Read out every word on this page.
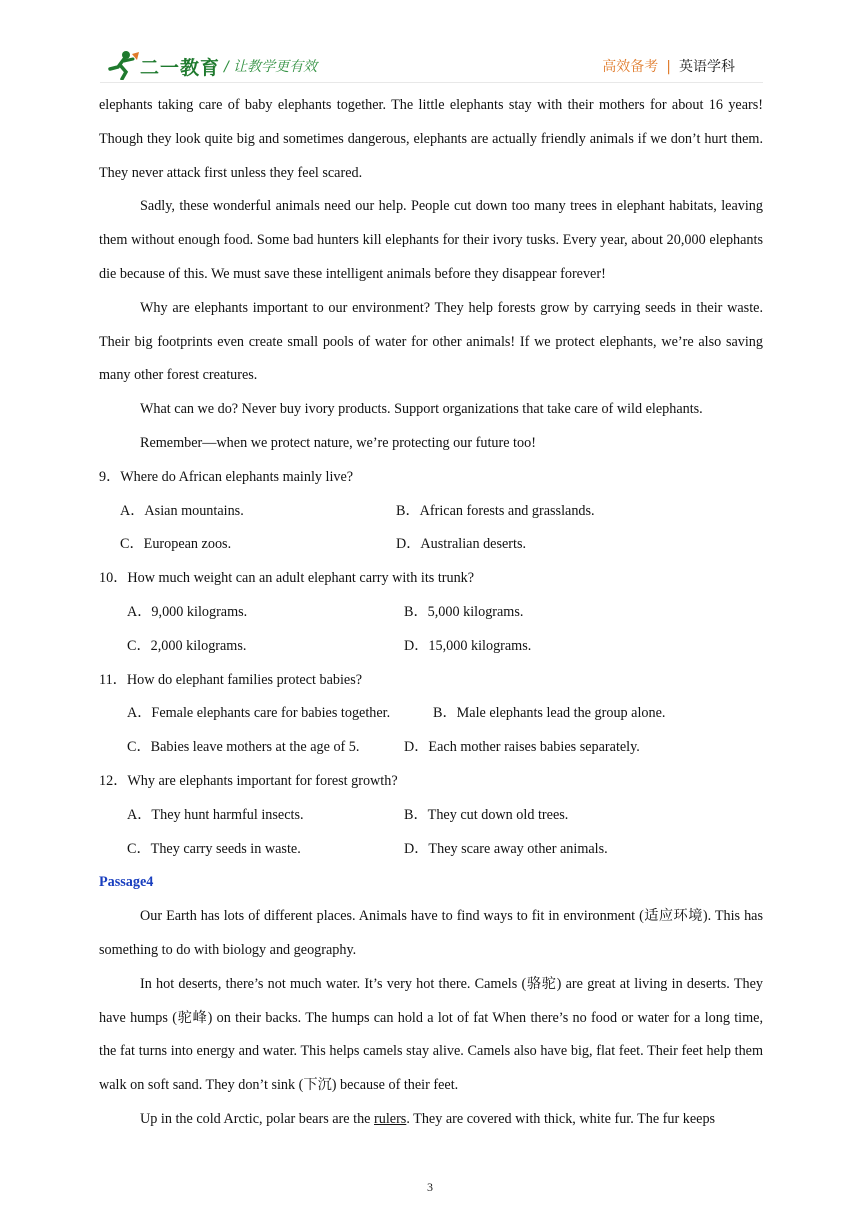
二一教育 / 让教学更有效	高效备考 | 英语学科

elephants taking care of baby elephants together. The little elephants stay with their mothers for about 16 years! Though they look quite big and sometimes dangerous, elephants are actually friendly animals if we don’t hurt them. They never attack first unless they feel scared.

Sadly, these wonderful animals need our help. People cut down too many trees in elephant habitats, leaving them without enough food. Some bad hunters kill elephants for their ivory tusks. Every year, about 20,000 elephants die because of this. We must save these intelligent animals before they disappear forever!

Why are elephants important to our environment? They help forests grow by carrying seeds in their waste. Their big footprints even create small pools of water for other animals! If we protect elephants, we’re also saving many other forest creatures.

What can we do? Never buy ivory products. Support organizations that take care of wild elephants.

Remember—when we protect nature, we’re protecting our future too!

9．Where do African elephants mainly live?

A．Asian mountains.	B．African forests and grasslands.
C．European zoos.	D．Australian deserts.

10．How much weight can an adult elephant carry with its trunk?

A．9,000 kilograms.	B．5,000 kilograms.
C．2,000 kilograms.	D．15,000 kilograms.

11．How do elephant families protect babies?

A．Female elephants care for babies together.	B．Male elephants lead the group alone.
C．Babies leave mothers at the age of 5.	D．Each mother raises babies separately.

12．Why are elephants important for forest growth?

A．They hunt harmful insects.	B．They cut down old trees.
C．They carry seeds in waste.	D．They scare away other animals.

Passage4

Our Earth has lots of different places. Animals have to find ways to fit in environment (适应环境). This has something to do with biology and geography.

In hot deserts, there’s not much water. It’s very hot there. Camels (骆驼) are great at living in deserts. They have humps (驼峰) on their backs. The humps can hold a lot of fat When there’s no food or water for a long time, the fat turns into energy and water. This helps camels stay alive. Camels also have big, flat feet. Their feet help them walk on soft sand. They don’t sink (下沉) because of their feet.

Up in the cold Arctic, polar bears are the rulers. They are covered with thick, white fur. The fur keeps

3
